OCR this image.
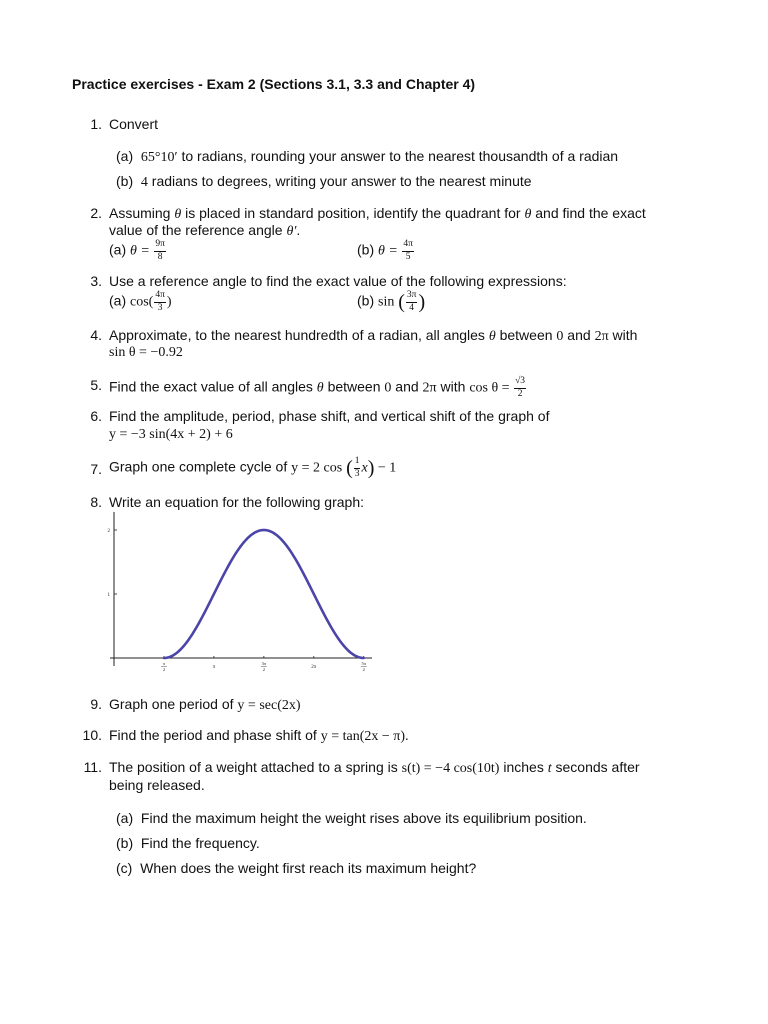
Practice exercises - Exam 2 (Sections 3.1, 3.3 and Chapter 4)
1. Convert
(a) 65°10′ to radians, rounding your answer to the nearest thousandth of a radian
(b) 4 radians to degrees, writing your answer to the nearest minute
2. Assuming θ is placed in standard position, identify the quadrant for θ and find the exact
value of the reference angle θ′.
(a) $\theta = \frac{9\pi}{8}$	(b) $\theta = \frac{4\pi}{5}$
3. Use a reference angle to find the exact value of the following expressions:
(a) $\cos( \frac{4\pi}{3}$ )	(b) sin ( $\frac{3\pi}{4}$ )
4. Approximate, to the nearest hundredth of a radian, all angles θ between 0 and 2π with
sin θ = −0.92
5. Find the exact value of all angles θ between 0 and 2π with $\cos \theta = \frac{√3}{2}$
6. Find the amplitude, period, phase shift, and vertical shift of the graph of
y = −3 sin(4x + 2) + 6
7. Graph one complete cycle of y = 2 cos ( $\frac{1}{3} x) - 1$
8. Write an equation for the following graph:
1
2
π
2	π
3π
2	2π
5π
2
9. Graph one period of y = sec(2x)
10. Find the period and phase shift of y = tan(2x − π).
11. The position of a weight attached to a spring is s(t) = −4 cos(10t) inches t seconds after
being released.
(a) Find the maximum height the weight rises above its equilibrium position.
(b) Find the frequency.
(c) When does the weight first reach its maximum height?
